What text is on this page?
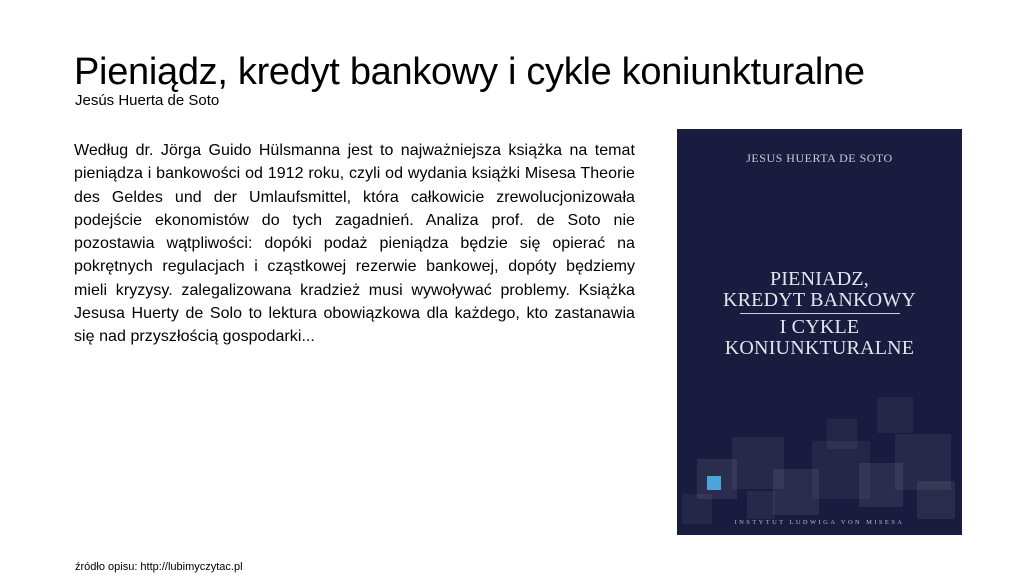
Pieniądz, kredyt bankowy i cykle koniunkturalne
Jesús Huerta de Soto

Według dr. Jörga Guido Hülsmanna jest to najważniejsza książka na temat pieniądza i bankowości od 1912 roku, czyli od wydania książki Misesa Theorie des Geldes und der Umlaufsmittel, która całkowicie zrewolucjonizowała podejście ekonomistów do tych zagadnień. Analiza prof. de Soto nie pozostawia wątpliwości: dopóki podaż pieniądza będzie się opierać na pokrętnych regulacjach i cząstkowej rezerwie bankowej, dopóty będziemy mieli kryzysy. zalegalizowana kradzież musi wywoływać problemy. Książka Jesusa Huerty de Solo to lektura obowiązkowa dla każdego, kto zastanawia się nad przyszłością gospodarki...

JESUS HUERTA DE SOTO
PIENIADZ,
KREDYT BANKOWY
I CYKLE
KONIUNKTURALNE
INSTYTUT LUDWIGA VON MISESA
źródło opisu: http://lubimyczytac.pl
